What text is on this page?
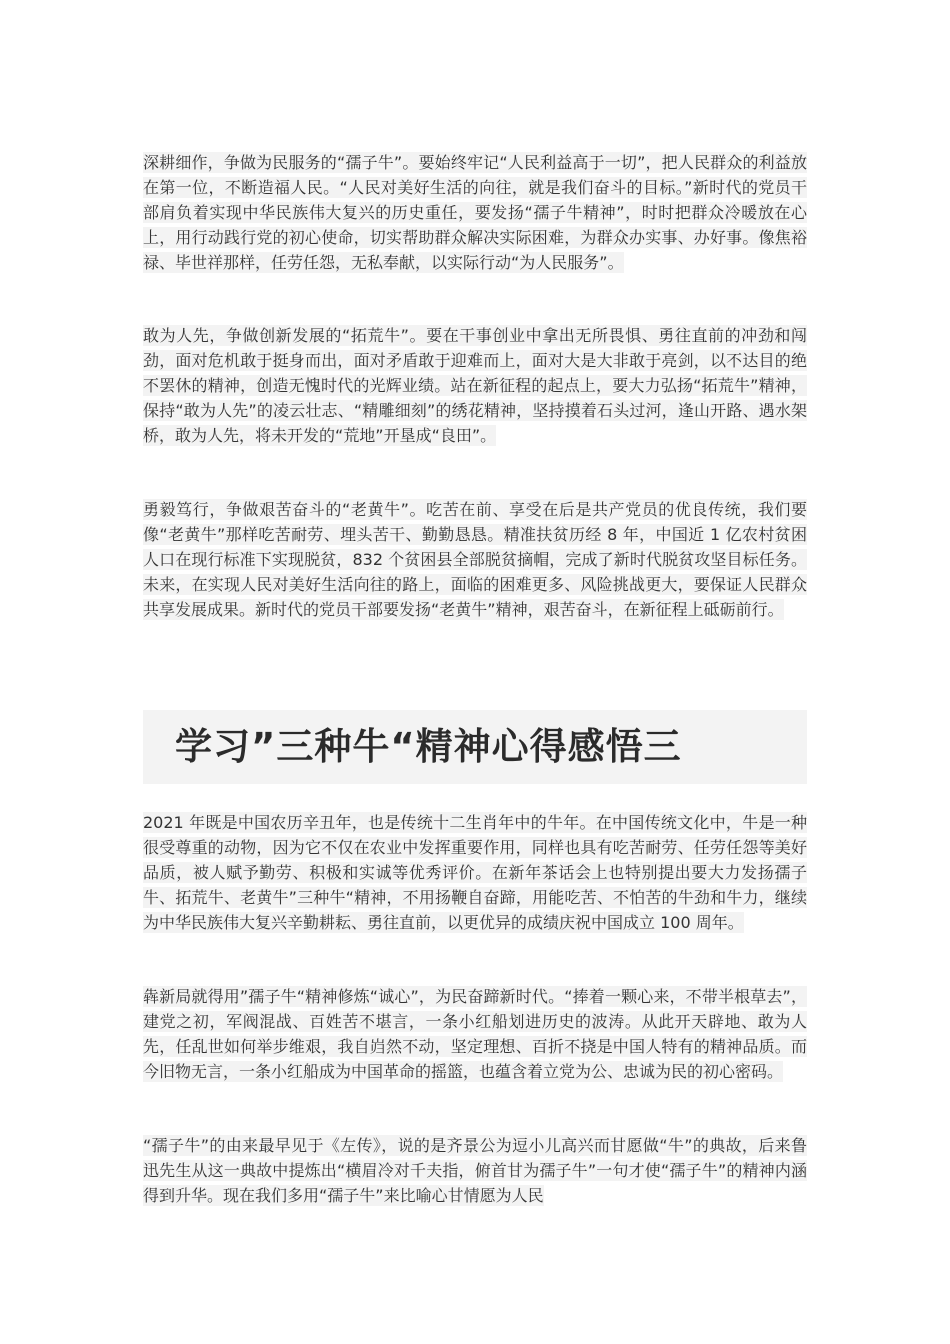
深耕细作，争做为民服务的“孺子牛”。要始终牢记“人民利益高于一切”，把人民群众的利益放在第一位，不断造福人民。“人民对美好生活的向往，就是我们奋斗的目标。”新时代的党员干部肩负着实现中华民族伟大复兴的历史重任，要发扬“孺子牛精神”，时时把群众冷暖放在心上，用行动践行党的初心使命，切实帮助群众解决实际困难，为群众办实事、办好事。像焦裕禄、毕世祥那样，任劳任怨，无私奉献，以实际行动“为人民服务”。

敢为人先，争做创新发展的“拓荒牛”。要在干事创业中拿出无所畏惧、勇往直前的冲劲和闯劲，面对危机敢于挺身而出，面对矛盾敢于迎难而上，面对大是大非敢于亮剑，以不达目的绝不罢休的精神，创造无愧时代的光辉业绩。站在新征程的起点上，要大力弘扬“拓荒牛”精神，保持“敢为人先”的凌云壮志、“精雕细刻”的绣花精神，坚持摸着石头过河，逢山开路、遇水架桥，敢为人先，将未开发的“荒地”开垦成“良田”。

勇毅笃行，争做艰苦奋斗的“老黄牛”。吃苦在前、享受在后是共产党员的优良传统，我们要像“老黄牛”那样吃苦耐劳、埋头苦干、勤勤恳恳。精准扶贫历经 8 年，中国近 1 亿农村贫困人口在现行标准下实现脱贫，832 个贫困县全部脱贫摘帽，完成了新时代脱贫攻坚目标任务。未来，在实现人民对美好生活向往的路上，面临的困难更多、风险挑战更大，要保证人民群众共享发展成果。新时代的党员干部要发扬“老黄牛”精神，艰苦奋斗，在新征程上砥砺前行。

学习”三种牛“精神心得感悟三

2021 年既是中国农历辛丑年，也是传统十二生肖年中的牛年。在中国传统文化中，牛是一种很受尊重的动物，因为它不仅在农业中发挥重要作用，同样也具有吃苦耐劳、任劳任怨等美好品质，被人赋予勤劳、积极和实诚等优秀评价。在新年茶话会上也特别提出要大力发扬孺子牛、拓荒牛、老黄牛”三种牛“精神，不用扬鞭自奋蹄，用能吃苦、不怕苦的牛劲和牛力，继续为中华民族伟大复兴辛勤耕耘、勇往直前，以更优异的成绩庆祝中国成立 100 周年。

犇新局就得用”孺子牛“精神修炼“诚心”，为民奋蹄新时代。“捧着一颗心来，不带半根草去”，建党之初，军阀混战、百姓苦不堪言，一条小红船划进历史的波涛。从此开天辟地、敢为人先，任乱世如何举步维艰，我自岿然不动，坚定理想、百折不挠是中国人特有的精神品质。而今旧物无言，一条小红船成为中国革命的摇篮，也蕴含着立党为公、忠诚为民的初心密码。

“孺子牛”的由来最早见于《左传》，说的是齐景公为逗小儿高兴而甘愿做“牛”的典故，后来鲁迅先生从这一典故中提炼出“横眉冷对千夫指，俯首甘为孺子牛”一句才使“孺子牛”的精神内涵得到升华。现在我们多用“孺子牛”来比喻心甘情愿为人民
